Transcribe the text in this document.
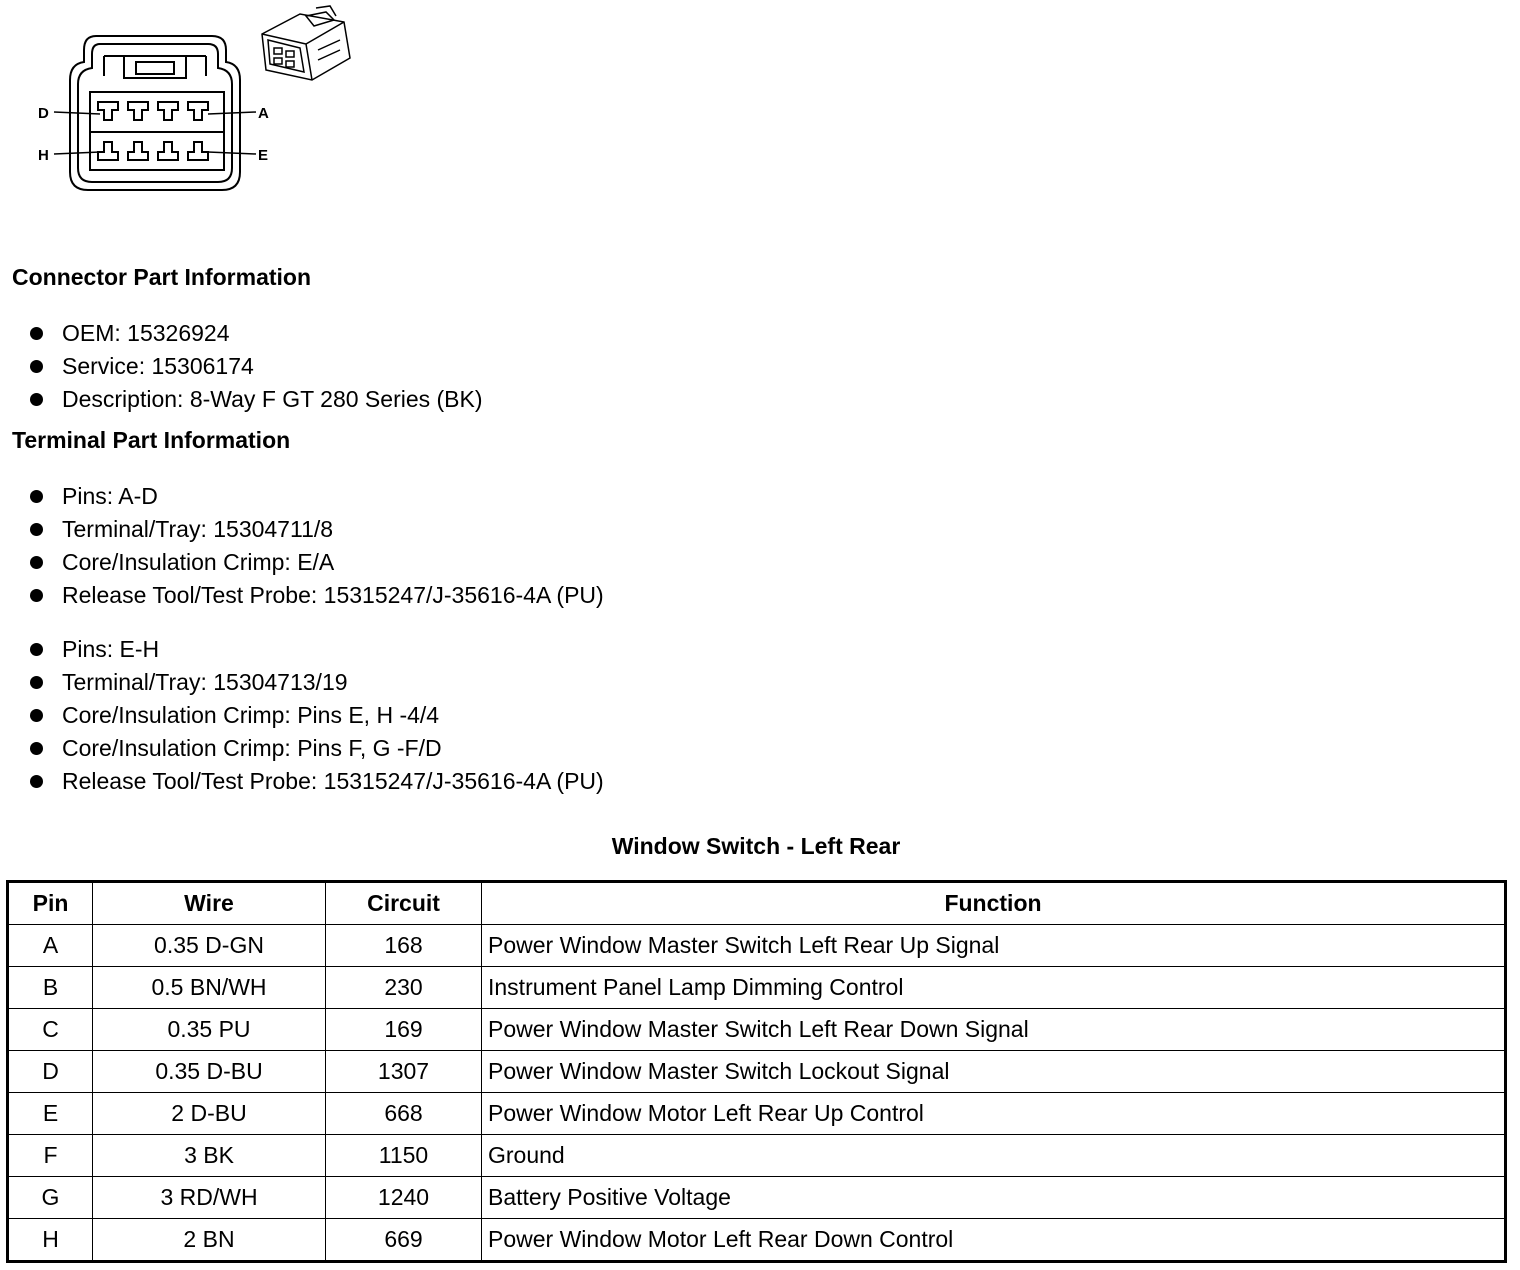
D	A
H	E
Connector Part Information
OEM: 15326924
Service: 15306174
Description: 8-Way F GT 280 Series (BK)
Terminal Part Information
Pins: A-D
Terminal/Tray: 15304711/8
Core/Insulation Crimp: E/A
Release Tool/Test Probe: 15315247/J-35616-4A (PU)
Pins: E-H
Terminal/Tray: 15304713/19
Core/Insulation Crimp: Pins E, H -4/4
Core/Insulation Crimp: Pins F, G -F/D
Release Tool/Test Probe: 15315247/J-35616-4A (PU)
Window Switch - Left Rear
Pin	Wire	Circuit	Function
A	0.35 D-GN	168	Power Window Master Switch Left Rear Up Signal
B	0.5 BN/WH	230	Instrument Panel Lamp Dimming Control
C	0.35 PU	169	Power Window Master Switch Left Rear Down Signal
D	0.35 D-BU	1307	Power Window Master Switch Lockout Signal
E	2 D-BU	668	Power Window Motor Left Rear Up Control
F	3 BK	1150	Ground
G	3 RD/WH	1240	Battery Positive Voltage
H	2 BN	669	Power Window Motor Left Rear Down Control
